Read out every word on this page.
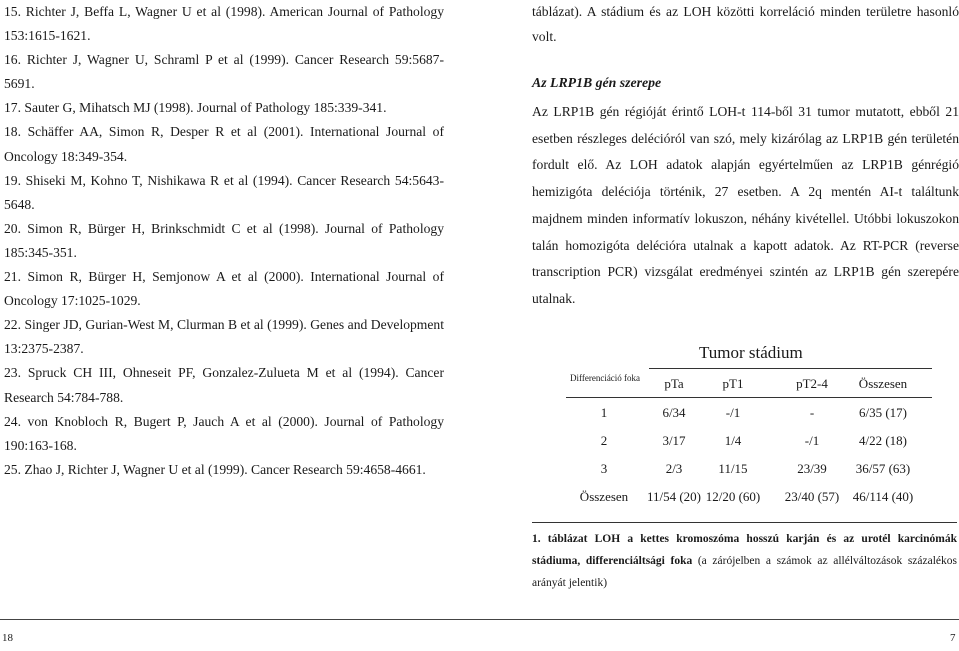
15. Richter J, Beffa L, Wagner U et al (1998). American Journal of Pathology 153:1615-1621.

16. Richter J, Wagner U, Schraml P et al (1999). Cancer Research 59:5687-5691.

17. Sauter G, Mihatsch MJ (1998). Journal of Pathology 185:339-341.

18. Schäffer AA, Simon R, Desper R et al (2001). International Journal of Oncology 18:349-354.

19. Shiseki M, Kohno T, Nishikawa R et al (1994). Cancer Research 54:5643-5648.

20. Simon R, Bürger H, Brinkschmidt C et al (1998). Journal of Pathology 185:345-351.

21. Simon R, Bürger H, Semjonow A et al (2000). International Journal of Oncology 17:1025-1029.

22. Singer JD, Gurian-West M, Clurman B et al (1999). Genes and Development 13:2375-2387.

23. Spruck CH III, Ohneseit PF, Gonzalez-Zulueta M et al (1994). Cancer Research 54:784-788.

24. von Knobloch R, Bugert P, Jauch A et al (2000). Journal of Pathology 190:163-168.

25. Zhao J, Richter J, Wagner U et al (1999). Cancer Research 59:4658-4661.

táblázat). A stádium és az LOH közötti korreláció minden területre hasonló volt.

Az LRP1B gén szerepe

Az LRP1B gén régióját érintő LOH-t 114-ből 31 tumor mutatott, ebből 21 esetben részleges delécióról van szó, mely kizárólag az LRP1B gén területén fordult elő. Az LOH adatok alapján egyértelműen az LRP1B génrégió hemizigóta deléciója történik, 27 esetben. A 2q mentén AI-t találtunk majdnem minden informatív lokuszon, néhány kivétellel. Utóbbi lokuszokon talán homozigóta delécióra utalnak a kapott adatok. Az RT-PCR (reverse transcription PCR) vizsgálat eredményei szintén az LRP1B gén szerepére utalnak.

Tumor stádium
Differenciáció foka pTa	pT1	pT2-4 Összesen
1	6/34	-/1	-	6/35 (17)
2	3/17	1/4	-/1	4/22 (18)
3	2/3	11/15	23/39 36/57 (63)
Összesen 11/54 (20) 12/20 (60) 23/40 (57) 46/114 (40)

1. táblázat LOH a kettes kromoszóma hosszú karján és az urotél karcinómák stádiuma, differenciáltsági foka (a zárójelben a számok az allélváltozások százalékos arányát jelentik)

18	7
